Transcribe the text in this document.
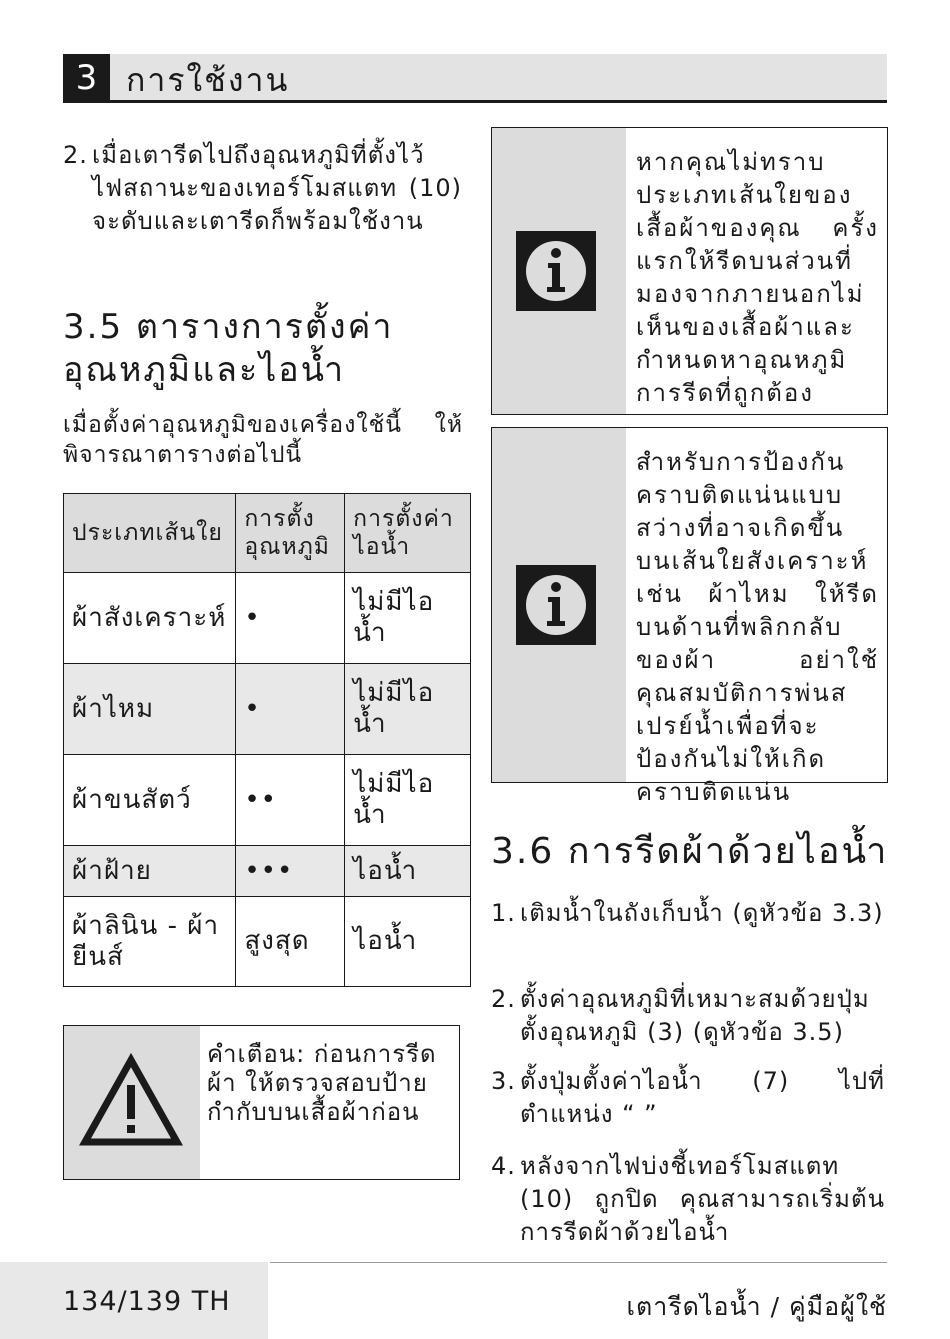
3 การใช้งาน
2. เมื่อเตารีดไปถึงอุณหภูมิที่ตั้งไว้ ไฟสถานะของเทอร์โมสแตท (10) จะดับและเตารีดก็พร้อมใช้งาน
3.5 ตารางการตั้งค่าอุณหภูมิและไอน้ำ
เมื่อตั้งค่าอุณหภูมิของเครื่องใช้นี้ ให้พิจารณาตารางต่อไปนี้
ประเภทเส้นใย	การตั้งอุณหภูมิ	การตั้งค่าไอน้ำ
ผ้าสังเคราะห์	•	ไม่มีไอน้ำ
ผ้าไหม	•	ไม่มีไอน้ำ
ผ้าขนสัตว์	••	ไม่มีไอน้ำ
ผ้าฝ้าย	•••	ไอน้ำ
ผ้าลินิน - ผ้ายีนส์	สูงสุด	ไอน้ำ
คำเตือน: ก่อนการรีดผ้า ให้ตรวจสอบป้ายกำกับบนเสื้อผ้าก่อน
หากคุณไม่ทราบประเภทเส้นใยของเสื้อผ้าของคุณ ครั้งแรกให้รีดบนส่วนที่มองจากภายนอกไม่เห็นของเสื้อผ้าและกำหนดหาอุณหภูมิการรีดที่ถูกต้อง
สำหรับการป้องกันคราบติดแน่นแบบสว่างที่อาจเกิดขึ้นบนเส้นใยสังเคราะห์ เช่น ผ้าไหม ให้รีดบนด้านที่พลิกกลับของผ้า อย่าใช้คุณสมบัติการพ่นสเปรย์น้ำเพื่อที่จะป้องกันไม่ให้เกิดคราบติดแน่น
3.6 การรีดผ้าด้วยไอน้ำ
1. เติมน้ำในถังเก็บน้ำ (ดูหัวข้อ 3.3)
2. ตั้งค่าอุณหภูมิที่เหมาะสมด้วยปุ่มตั้งอุณหภูมิ (3) (ดูหัวข้อ 3.5)
3. ตั้งปุ่มตั้งค่าไอน้ำ (7) ไปที่ตำแหน่ง “ ”
4. หลังจากไฟบ่งชี้เทอร์โมสแตท (10) ถูกปิด คุณสามารถเริ่มต้นการรีดผ้าด้วยไอน้ำ
134/139 TH	เตารีดไอน้ำ / คู่มือผู้ใช้
